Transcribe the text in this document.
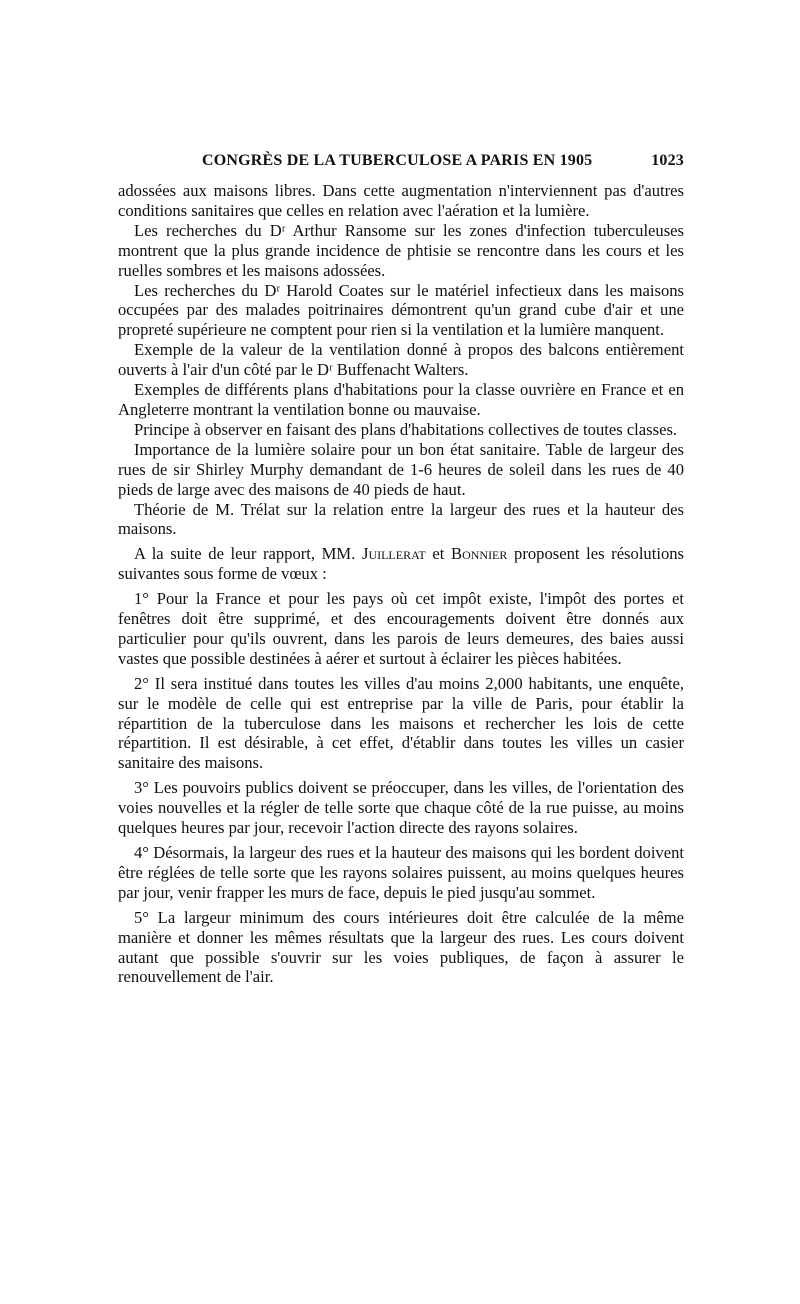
CONGRÈS DE LA TUBERCULOSE A PARIS EN 1905	1023

adossées aux maisons libres. Dans cette augmentation n'interviennent pas d'autres conditions sanitaires que celles en relation avec l'aération et la lumière.

Les recherches du Dʳ Arthur Ransome sur les zones d'infection tuberculeuses montrent que la plus grande incidence de phtisie se rencontre dans les cours et les ruelles sombres et les maisons adossées.

Les recherches du Dʳ Harold Coates sur le matériel infectieux dans les maisons occupées par des malades poitrinaires démontrent qu'un grand cube d'air et une propreté supérieure ne comptent pour rien si la ventilation et la lumière manquent.

Exemple de la valeur de la ventilation donné à propos des balcons entièrement ouverts à l'air d'un côté par le Dʳ Buffenacht Walters.

Exemples de différents plans d'habitations pour la classe ouvrière en France et en Angleterre montrant la ventilation bonne ou mauvaise.

Principe à observer en faisant des plans d'habitations collectives de toutes classes.

Importance de la lumière solaire pour un bon état sanitaire. Table de largeur des rues de sir Shirley Murphy demandant de 1-6 heures de soleil dans les rues de 40 pieds de large avec des maisons de 40 pieds de haut.

Théorie de M. Trélat sur la relation entre la largeur des rues et la hauteur des maisons.

A la suite de leur rapport, MM. Juillerat et Bonnier proposent les résolutions suivantes sous forme de vœux :

1° Pour la France et pour les pays où cet impôt existe, l'impôt des portes et fenêtres doit être supprimé, et des encouragements doivent être donnés aux particulier pour qu'ils ouvrent, dans les parois de leurs demeures, des baies aussi vastes que possible destinées à aérer et surtout à éclairer les pièces habitées.

2° Il sera institué dans toutes les villes d'au moins 2,000 habitants, une enquête, sur le modèle de celle qui est entreprise par la ville de Paris, pour établir la répartition de la tuberculose dans les maisons et rechercher les lois de cette répartition. Il est désirable, à cet effet, d'établir dans toutes les villes un casier sanitaire des maisons.

3° Les pouvoirs publics doivent se préoccuper, dans les villes, de l'orientation des voies nouvelles et la régler de telle sorte que chaque côté de la rue puisse, au moins quelques heures par jour, recevoir l'action directe des rayons solaires.

4° Désormais, la largeur des rues et la hauteur des maisons qui les bordent doivent être réglées de telle sorte que les rayons solaires puissent, au moins quelques heures par jour, venir frapper les murs de face, depuis le pied jusqu'au sommet.

5° La largeur minimum des cours intérieures doit être calculée de la même manière et donner les mêmes résultats que la largeur des rues. Les cours doivent autant que possible s'ouvrir sur les voies publiques, de façon à assurer le renouvellement de l'air.
